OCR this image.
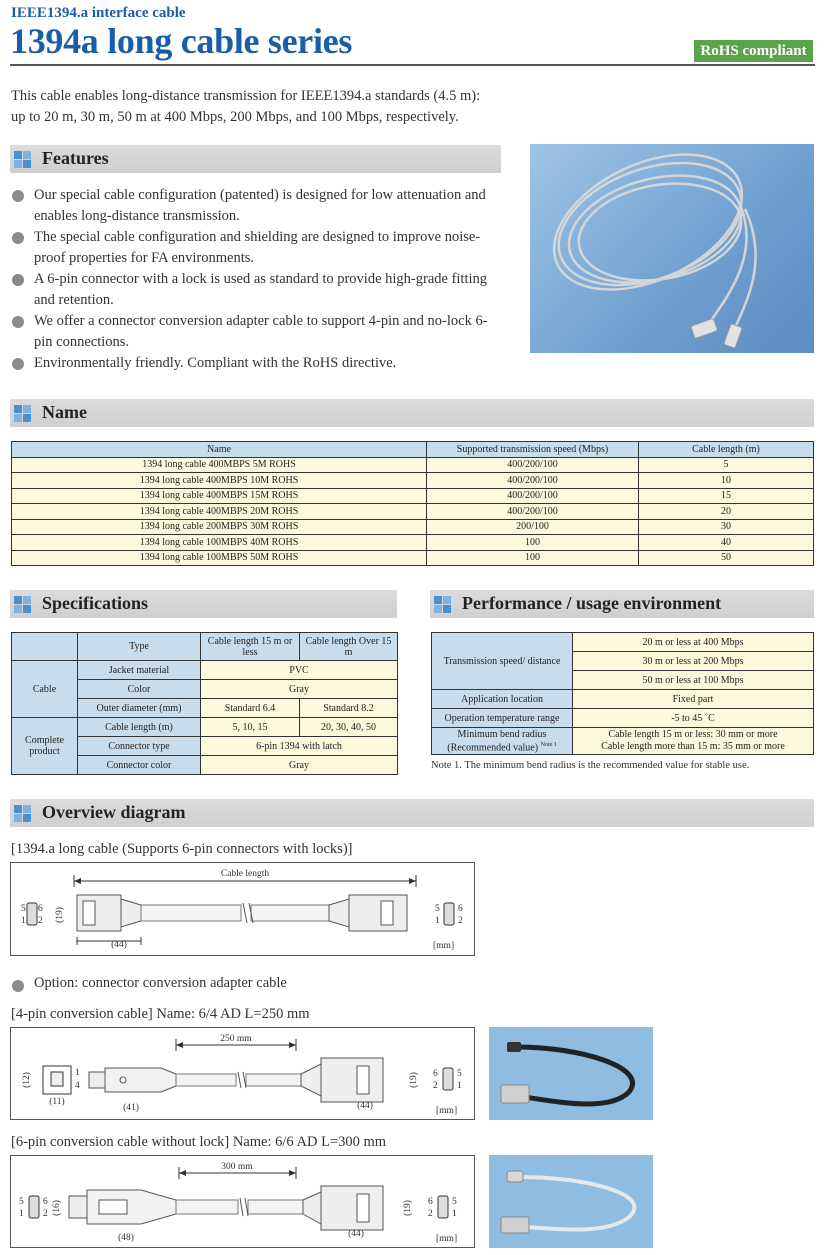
IEEE1394.a interface cable
1394a long cable series	RoHS compliant
This cable enables long-distance transmission for IEEE1394.a standards (4.5 m):
up to 20 m, 30 m, 50 m at 400 Mbps, 200 Mbps, and 100 Mbps, respectively.
Features
Our special cable configuration (patented) is designed for low attenuation and enables long-distance transmission.
The special cable configuration and shielding are designed to improve noise-proof properties for FA environments.
A 6-pin connector with a lock is used as standard to provide high-grade fitting and retention.
We offer a connector conversion adapter cable to support 4-pin and no-lock 6-pin connections.
Environmentally friendly. Compliant with the RoHS directive.
Name
Name	Supported transmission speed (Mbps)	Cable length (m)
1394 long cable 400MBPS 5M ROHS	400/200/100	5
1394 long cable 400MBPS 10M ROHS	400/200/100	10
1394 long cable 400MBPS 15M ROHS	400/200/100	15
1394 long cable 400MBPS 20M ROHS	400/200/100	20
1394 long cable 200MBPS 30M ROHS	200/100	30
1394 long cable 100MBPS 40M ROHS	100	40
1394 long cable 100MBPS 50M ROHS	100	50
Specifications
	Type	Cable length 15 m or less	Cable length Over 15 m
Cable	Jacket material	PVC	
	Color	Gray	
	Outer diameter (mm)	Standard 6.4	Standard 8.2
Complete product	Cable length (m)	5, 10, 15	20, 30, 40, 50
	Connector type	6-pin 1394 with latch	
	Connector color	Gray	
Performance / usage environment
Transmission speed/ distance	20 m or less at 400 Mbps
	30 m or less at 200 Mbps
	50 m or less at 100 Mbps
Application location	Fixed part
Operation temperature range	-5 to 45 ˚C
Minimum bend radius (Recommended value) $^{Note 1}$	Cable length 15 m or less: 30 mm or more
Cable length more than 15 m: 35 mm or more
Note 1. The minimum bend radius is the recommended value for stable use.
Overview diagram
[1394.a long cable (Supports 6-pin connectors with locks)]
Cable length
5 6
1 2 (19)
(44)
5 6
1 2
[mm]
Option: connector conversion adapter cable
[4-pin conversion cable] Name: 6/4 AD L=250 mm
250 mm
(12)	1
4
(11)
(41)	(44)
(19) 6 5
2 1
[mm]
[6-pin conversion cable without lock] Name: 6/6 AD L=300 mm
300 mm
5 6
1 2 (16)
(48)	(44)
(19) 6 5
2 1
[mm]
